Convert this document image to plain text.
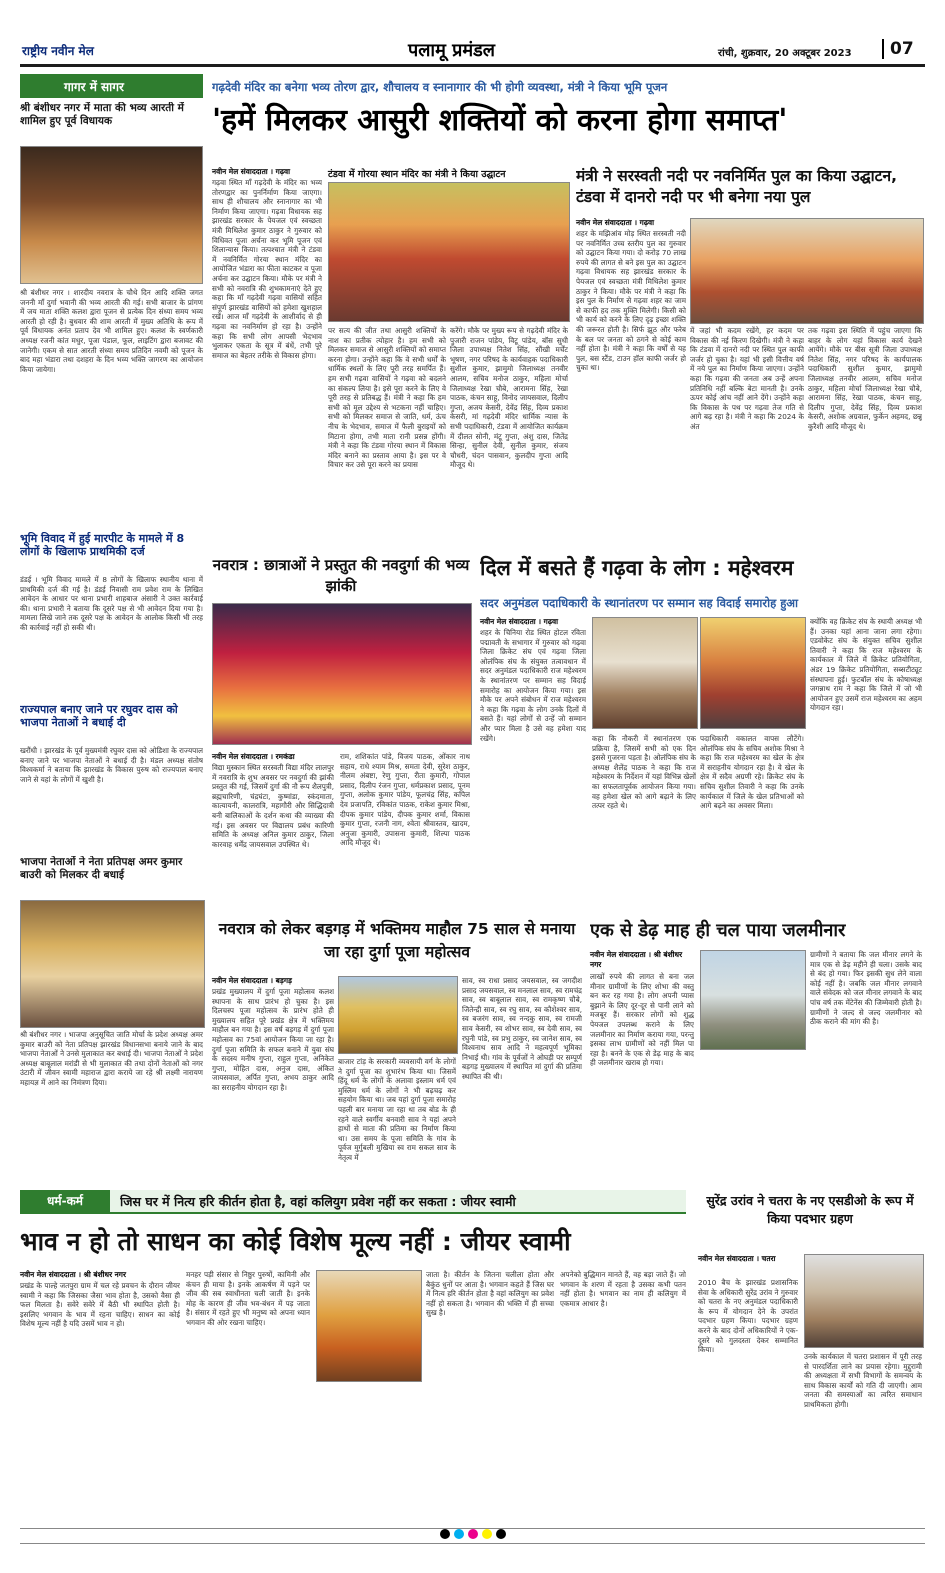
राष्ट्रीय नवीन मेल	पलामू प्रमंडल	रांची, शुक्रवार, 20 अक्टूबर 2023	07
गागर में सागर
श्री बंशीधर नगर में माता की भव्य आरती में शामिल हुए पूर्व विधायक
श्री बंशीधर नगर । शारदीय नवरात्र के चौथे दिन आदि शक्ति जगत जननी माँ दुर्गा भवानी की भव्य आरती की गई। सभी बाजार के प्रांगण में जय माता शक्ति कलश द्वारा पूजन से प्रत्येक दिन संध्या समय भव्य आरती हो रही है। बुधवार की शाम आरती में मुख्य अतिथि के रूप में पूर्व विधायक अनंत प्रताप देव भी शामिल हुए। कलश के स्वर्णकारी अध्यक्ष रजनी कांत मधुर, पूजा पंडाल, फूल, लाइटिंग द्वारा बजावट की जानेगी। एकम से सात आरती संध्या समय प्रतिदिन नवमी को पूजन के बाद महा भंडारा तथा दशहरा के दिन भव्य भक्ति जागरण का आयोजन किया जायेगा।
भूमि विवाद में हुई मारपीट के मामले में 8 लोगों के खिलाफ प्राथमिकी दर्ज
डंडई । भूमि विवाद मामले में 8 लोगों के खिलाफ स्थानीय थाना में प्राथमिकी दर्ज की गई है। डंडई निवासी राम प्रवेश राम के लिखित आवेदन के आधार पर थाना प्रभारी शाहबाज अंसारी ने उक्त कार्रवाई की। थाना प्रभारी ने बताया कि दूसरे पक्ष से भी आवेदन दिया गया है। मामला लिखे जाने तक दूसरे पक्ष के आवेदन के आलोक किसी भी तरह की कार्रवाई नहीं हो सकी थी।
राज्यपाल बनाए जाने पर रघुवर दास को भाजपा नेताओं ने बधाई दी
खरौंधी । झारखंड के पूर्व मुख्यमंत्री रघुवर दास को ओडिशा के राज्यपाल बनाए जाने पर भाजपा नेताओं ने बधाई दी है। मंडल अध्यक्ष संतोष विश्वकर्मा ने बताया कि झारखंड के विकास पुरुष को राज्यपाल बनाए जाने से यहां के लोगों में खुशी है।
भाजपा नेताओं ने नेता प्रतिपक्ष अमर कुमार बाउरी को मिलकर दी बधाई
श्री बंशीधर नगर । भाजपा अनुसूचित जाति मोर्चा के प्रदेश अध्यक्ष अमर कुमार बाउरी को नेता प्रतिपक्ष झारखंड विधानसभा बनाये जाने के बाद भाजपा नेताओं ने उनसे मुलाकात कर बधाई दी। भाजपा नेताओं ने प्रदेश अध्यक्ष बाबूलाल मरांडी से भी मुलाकात की तथा दोनों नेताओं को नगर उंटारी में जीवन स्वामी महाराज द्वारा कराये जा रहे श्री लक्ष्मी नारायण महायज्ञ में आने का निमंत्रण दिया।
गढ़देवी मंदिर का बनेगा भव्य तोरण द्वार, शौचालय व स्नानागार की भी होगी व्यवस्था, मंत्री ने किया भूमि पूजन
'हमें मिलकर आसुरी शक्तियों को करना होगा समाप्त'
नवीन मेल संवाददाता । गढ़वा
गढ़वा स्थित माँ गढ़देवी के मंदिर का भव्य तोरणद्वार का पुनर्निर्माण किया जाएगा। साथ ही शौचालय और स्नानागार का भी निर्माण किया जाएगा। गढ़वा विधायक सह झारखंड सरकार के पेयजल एवं स्वच्छता मंत्री मिथिलेश कुमार ठाकुर ने गुरुवार को विधिवत पूजा अर्चना कर भूमि पूजन एवं शिलान्यास किया। तत्पश्चात मंत्री ने टंडवा में नवनिर्मित गोरया स्थान मंदिर का आयोजित भंडारा का फीता काटकर व पूजा अर्चना कर उद्घाटन किया। मौके पर मंत्री ने सभी को नवरात्रि की शुभकामनाएं देते हुए कहा कि माँ गढ़देवी गढ़वा वासियों सहित संपूर्ण झारखंड वासियों को हमेशा खुशहाल रखें। आज माँ गढ़देवी के आशीर्वाद से ही गढ़वा का नवनिर्माण हो रहा है। उन्होंने कहा कि सभी लोग आपसी भेदभाव भुलाकर एकता के सूत्र में बंधें, तभी पूरे समाज का बेहतर तरीके से विकास होगा।
टंडवा में गोरया स्थान मंदिर का मंत्री ने किया उद्घाटन
पर सत्य की जीत तथा आसुरी शक्तियों के नाश का प्रतीक त्योहार है। हम सभी को मिलकर समाज से आसुरी शक्तियों को समाप्त करना होगा। उन्होंने कहा कि वे सभी धर्मों के धार्मिक स्थलों के लिए पूरी तरह समर्पित हैं। हम सभी गढ़वा वासियों ने गढ़वा को बदलने का संकल्प लिया है। इसे पूरा करने के लिए वे पूरी तरह से प्रतिबद्ध हैं। मंत्री ने कहा कि हम सभी को मूल उद्देश्य से भटकना नहीं चाहिए। सभी को मिलकर समाज से जाति, धर्म, ऊंच नीच के भेदभाव, समाज में फैली बुराइयों को मिटाना होगा, तभी माता रानी प्रसन्न होंगी। मंत्री ने कहा कि टंडवा गोरया स्थान में विकास मंदिर बनाने का प्रस्ताव आया है। इस पर वे विचार कर उसे पूरा करने का प्रयास
करेंगे। मौके पर मुख्य रूप से गढ़देवी मंदिर के पुजारी राजन पांडेय, विटू पांडेय, बॉस सुधी जिला उपाध्यक्ष नितेश सिंह, सौंखी मर्चेंट भूषण, नगर परिषद के कार्यवाहक पदाधिकारी सुशील कुमार, झामुमो जिलाध्यक्ष तनवीर आलम, सचिव मनोज ठाकुर, महिला मोर्चा जिलाध्यक्ष रेखा चौबे, आरामना सिंह, रेखा पाठक, कंचन साहू, विनोद जायसवाल, दिलीप गुप्ता, अजय केसरी, देवेंद्र सिंह, दिव्य प्रकाश केसरी, मां गढ़देवी मंदिर धार्मिक न्यास के सभी पदाधिकारी, टंडवा में आयोजित कार्यक्रम में दीलत सोनी, मंटू गुप्ता, अंशु दास, जितेंद्र सिन्हा, सुनील देवी, सुनील कुमार, संजय चौधरी, चंदन पासवान, कुलदीप गुप्ता आदि मौजूद थे।
मंत्री ने सरस्वती नदी पर नवनिर्मित पुल का किया उद्घाटन, टंडवा में दानरो नदी पर भी बनेगा नया पुल
नवीन मेल संवाददाता । गढ़वा
शहर के मझिआंव मोड़ स्थित सरस्वती नदी पर नवनिर्मित उच्च स्तरीय पुल का गुरुवार को उद्घाटन किया गया। दो करोड़ 70 लाख रुपये की लागत से बने इस पुल का उद्घाटन गढ़वा विधायक सह झारखंड सरकार के पेयजल एवं स्वच्छता मंत्री मिथिलेश कुमार ठाकुर ने किया। मौके पर मंत्री ने कहा कि इस पुल के निर्माण से गढ़वा शहर का जाम से काफी हद तक मुक्ति मिलेगी। किसी को भी कार्य को करने के लिए दृढ़ इच्छा शक्ति की जरूरत होती है। सिर्फ झूठ और फरेब के बल पर जनता को ठगने से कोई काम नहीं होता है। मंत्री ने कहा कि वर्षों से यह पुल, बस स्टैंड, टाउन हॉल काफी जर्जर हो चुका था।
में जहां भी कदम रखेंगे, हर कदम पर विकास की नई किरण दिखेगी। मंत्री ने कहा कि टंडवा में दानरो नदी पर स्थित पुल काफी जर्जर हो चुका है। यहां भी इसी वित्तीय वर्ष में नये पुल का निर्माण किया जाएगा। उन्होंने कहा कि गढ़वा की जनता अब उन्हें अपना प्रतिनिधि नहीं बल्कि बेटा मानती है। उनके ऊपर कोई आंच नहीं आने देंगे। उन्होंने कहा कि विकास के पथ पर गढ़वा तेज गति से आगे बढ़ रहा है। मंत्री ने कहा कि 2024 के अंत
तक गढ़वा इस स्थिति में पहुंच जाएगा कि बाहर के लोग यहां विकास कार्य देखने आयेंगे। मौके पर बीस सूत्री जिला उपाध्यक्ष नितेश सिंह, नगर परिषद के कार्यपालक पदाधिकारी सुशील कुमार, झामुमो जिलाध्यक्ष तनवीर आलम, सचिव मनोज ठाकुर, महिला मोर्चा जिलाध्यक्ष रेखा चौबे, आरामना सिंह, रेखा पाठक, कंचन साहू, दिलीप गुप्ता, देवेंद्र सिंह, दिव्य प्रकाश केसरी, अशोक अग्रवाल, फुर्केन अहमद, छन्नू कुरैशी आदि मौजूद थे।
नवरात्र : छात्राओं ने प्रस्तुत की नवदुर्गा की भव्य झांकी
नवीन मेल संवाददाता । रमकंडा
विद्या मुस्कान स्थित सरस्वती विद्या मंदिर लालपुर में नवरात्रि के शुभ अवसर पर नवदुर्गा की झांकी प्रस्तुत की गई, जिसमें दुर्गा की नौ रूप शैलपुत्री, ब्रह्मचारिणी, चंद्रघंटा, कुष्मांडा, स्कंदमाता, कात्यायनी, कालरात्रि, महागौरी और सिद्धिदात्री बनी बालिकाओं के दर्शन कथा की व्याख्या की गई। इस अवसर पर विद्यालय प्रबंध कारिणी समिति के अध्यक्ष अनिल कुमार ठाकुर, जिला कारवाह धर्मेंद्र जायसवाल उपस्थित थे।
राम, शशिकांत पांडे, विजय पाठक, ओंकार नाथ सहाय, राधे श्याम मिश्र, समता देवी, सुरेश ठाकुर, नीलम अंबष्टा, रेणु गुप्ता, रीता कुमारी, गोपाल प्रसाद, दिलीप रंजन गुप्ता, धर्मप्रकाश प्रसाद, पूनम गुप्ता, अलोक कुमार पांडेय, फूलचंद्र सिंह, कपिल देव प्रजापति, रविकांत पाठक, राकेश कुमार मिश्रा, दीपक कुमार पांडेय, दीपक कुमार शर्मा, विकास कुमार गुप्ता, रजनी नाग, श्वेता श्रीवास्तव, खादम, अनुजा कुमारी, उपासना कुमारी, शिल्पा पाठक आदि मौजूद थे।
दिल में बसते हैं गढ़वा के लोग : महेश्वरम
सदर अनुमंडल पदाधिकारी के स्थानांतरण पर सम्मान सह विदाई समारोह हुआ
नवीन मेल संवाददाता । गढ़वा
शहर के चिनिया रोड स्थित होटल रविता पद्मावती के सभागार में गुरुवार को गढ़वा जिला क्रिकेट संघ एवं गढ़वा जिला ओलंपिक संघ के संयुक्त तत्वावधान में सदर अनुमंडल पदाधिकारी राज महेश्वरम के स्थानांतरण पर सम्मान सह विदाई समारोह का आयोजन किया गया। इस मौके पर अपने संबोधन में राज महेश्वरम ने कहा कि गढ़वा के लोग उनके दिलों में बसते हैं। यहां लोगों से उन्हें जो सम्मान और प्यार मिला है उसे वह हमेशा याद रखेंगे।	कहा कि नौकरी में स्थानांतरण एक प्रक्रिया है, जिसमें सभी को एक दिन इससे गुजरना पड़ता है। ओलंपिक संघ के अध्यक्ष शैलेंद्र पाठक ने कहा कि राज महेश्वरम के निर्देशन में यहां विभिन्न खेलों का सफलतापूर्वक आयोजन किया गया। वह हमेशा खेल को आगे बढ़ाने के लिए तत्पर रहते थे।
पदाधिकारी वकालत वापस लौटेंगे। ओलंपिक संघ के सचिव अशोक मिश्रा ने कहा कि राज महेश्वरम का खेल के क्षेत्र में सराहनीय योगदान रहा है। वे खेल के क्षेत्र में सदैव अग्रणी रहे। क्रिकेट संघ के सचिव सुशील तिवारी ने कहा कि उनके कार्यकाल में जिले के खेल प्रतिभाओं को आगे बढ़ने का अवसर मिला।
क्योंकि वह क्रिकेट संघ के स्थायी अध्यक्ष भी हैं। उनका यहां आना जाना लगा रहेगा। एडवोकेट संघ के संयुक्त सचिव सुशील तिवारी ने कहा कि राज महेश्वरम के कार्यकाल में जिले में क्रिकेट प्रतियोगिता, अंडर 19 क्रिकेट प्रतियोगिता, सब्सटीट्यूट संस्थापना हुई। फुटबॉल संघ के कोषाध्यक्ष जगन्नाथ राम ने कहा कि जिले में जो भी आयोजन हुए उसमें राज महेश्वरम का अहम योगदान रहा।
नवरात्र को लेकर बड़गड़ में भक्तिमय माहौल 75 साल से मनाया जा रहा दुर्गा पूजा महोत्सव
नवीन मेल संवाददाता । बड़गड़
प्रखंड मुख्यालय में दुर्गा पूजा महोत्सव कलश स्थापना के साथ प्रारंभ हो चुका है। इस दिलचस्प पूजा महोत्सव के प्रारंभ होते ही मुख्यालय सहित पूरे प्रखंड क्षेत्र में भक्तिमय माहौल बन गया है। इस वर्ष बड़गड़ में दुर्गा पूजा महोत्सव का 75वां आयोजन किया जा रहा है। दुर्गा पूजा समिति के सफल बनाने में युवा संघ के सदस्य मनीष गुप्ता, राहुल गुप्ता, अनिकेत गुप्ता, मोहित दास, अनुज दास, अंकित जायसवाल, अर्पित गुप्ता, अभय ठाकुर आदि का सराहनीय योगदान रहा है।
बाजार टांड़ के सरकारी व्यवसायी वर्ग के लोगों ने दुर्गा पूजा का शुभारंभ किया था। जिसमें हिंदू धर्म के लोगों के अलावा इस्लाम धर्म एवं मुस्लिम धर्म के लोगों ने भी बढ़चढ़ कर सहयोग किया था। जब यहां दुर्गा पूजा समारोह पहली बार मनाया जा रहा था तब बोड के ही रहने वाले स्वर्गीय बनवारी साव ने यहां अपने हाथों से माता की प्रतिमा का निर्माण किया था। उस समय के पूजा समिति के गांव के पूर्वज मुर्गुबली मुखिया स्व राम सकल साव के नेतृत्व में
साव, स्व राधा प्रसाद जयसवाल, स्व जगदीश प्रसाद जयसवाल, स्व मनलाल साव, स्व रामचंद्र साव, स्व बाबूलाल साव, स्व रामकृष्ण चौबे, जितेन्द्री साव, स्व रघु साव, स्व कौशेश्वर साव, स्व बजरंग साव, स्व नन्दकु साव, स्व रामजी साव केसरी, स्व शोभर साव, स्व देवी साव, स्व रघुनी पांडे, स्व प्रभु ठाकुर, स्व जानेश साव, स्व विश्वनाथ साव आदि ने महत्वपूर्ण भूमिका निभाई थी। गांव के पूर्वजों ने ओघड़ी पर सम्पूर्ण बड़गड़ मुख्यालय में स्थापित मां दुर्गा की प्रतिमा स्थापित की थी।
एक से डेढ़ माह ही चल पाया जलमीनार
नवीन मेल संवाददाता । श्री बंशीधर नगर
लाखों रुपये की लागत से बना जल मीनार ग्रामीणों के लिए शोभा की वस्तु बन कर रह गया है। लोग अपनी प्यास बुझाने के लिए दूर-दूर से पानी लाने को मजबूर हैं। सरकार लोगों को शुद्ध पेयजल उपलब्ध कराने के लिए जलमीनार का निर्माण कराया गया, परन्तु इसका लाभ ग्रामीणों को नहीं मिल पा रहा है। बनने के एक से डेढ़ माह के बाद ही जलमीनार खराब हो गया।
ग्रामीणों ने बताया कि जल मीनार लगने के मात्र एक से डेढ़ महीने ही चला। उसके बाद से बंद हो गया। फिर इसकी सुध लेने वाला कोई नहीं है। जबकि जल मीनार लगवाने वाले संवेदक को जल मीनार लगवाने के बाद पांच वर्ष तक मेंटेनेंस की जिम्मेवारी होती है। ग्रामीणों ने जल्द से जल्द जलमीनार को ठीक कराने की मांग की है।
धर्म-कर्म	जिस घर में नित्य हरि कीर्तन होता है, वहां कलियुग प्रवेश नहीं कर सकता : जीयर स्वामी
भाव न हो तो साधन का कोई विशेष मूल्य नहीं : जीयर स्वामी
नवीन मेल संवाददाता । श्री बंशीधर नगर
प्रखंड के पाल्हे जतपुरा ग्राम में चल रहे प्रवचन के दौरान जीयर स्वामी ने कहा कि जिसका जैसा भाव होता है, उसको वैसा ही फल मिलता है। सवेरे सवेरे में बैठी भी स्थापित होती है। इसलिए भगवान के भाव में रहना चाहिए। साधन का कोई विशेष मूल्य नहीं है यदि उसमें भाव न हो।
मनहर पड़ी संसार से निष्ठुर पुरुषों, कामिनी और कंचन ही माया है। इनके आकर्षण में पड़ने पर जीव की सब स्वाधीनता चली जाती है। इनके मोह के कारण ही जीव भव-बंधन में पड़ जाता है। संसार में रहते हुए भी मनुष्य को अपना ध्यान भगवान की ओर रखना चाहिए।
जाता है। कीर्तन के जितना चलीला होता और बैकुंठ धुनों पर आता है। भगवान कहते हैं जिस घर में नित्य हरि कीर्तन होता है वहां कलियुग का प्रवेश नहीं हो सकता है। भगवान की भक्ति में ही सच्चा सुख है।
अपनेको बुद्धिमान मानते हैं, वह बड़ा जाते हैं। जो भगवान के शरण में रहता है उसका कभी पतन नहीं होता है। भगवान का नाम ही कलियुग में एकमात्र आधार है।
सुरेंद्र उरांव ने चतरा के नए एसडीओ के रूप में किया पदभार ग्रहण
नवीन मेल संवाददाता । चतरा
2010 बैच के झारखंड प्रशासनिक सेवा के अधिकारी सुरेंद्र उरांव ने गुरुवार को चतरा के नए अनुमंडल पदाधिकारी के रूप में योगदान देने के उपरांत पदभार ग्रहण किया। पदभार ग्रहण करने के बाद दोनों अधिकारियों ने एक-दूसरे को गुलदस्ता देकर सम्मानित किया।
उनके कार्यकाल में चतरा प्रशासन में पूरी तरह से पारदर्शिता लाने का प्रयास रहेगा। मुद्दुरामी की अध्यक्षता में सभी विभागों के समन्वय के साथ विकास कार्यों को गति दी जाएगी। आम जनता की समस्याओं का त्वरित समाधान प्राथमिकता होगी।
